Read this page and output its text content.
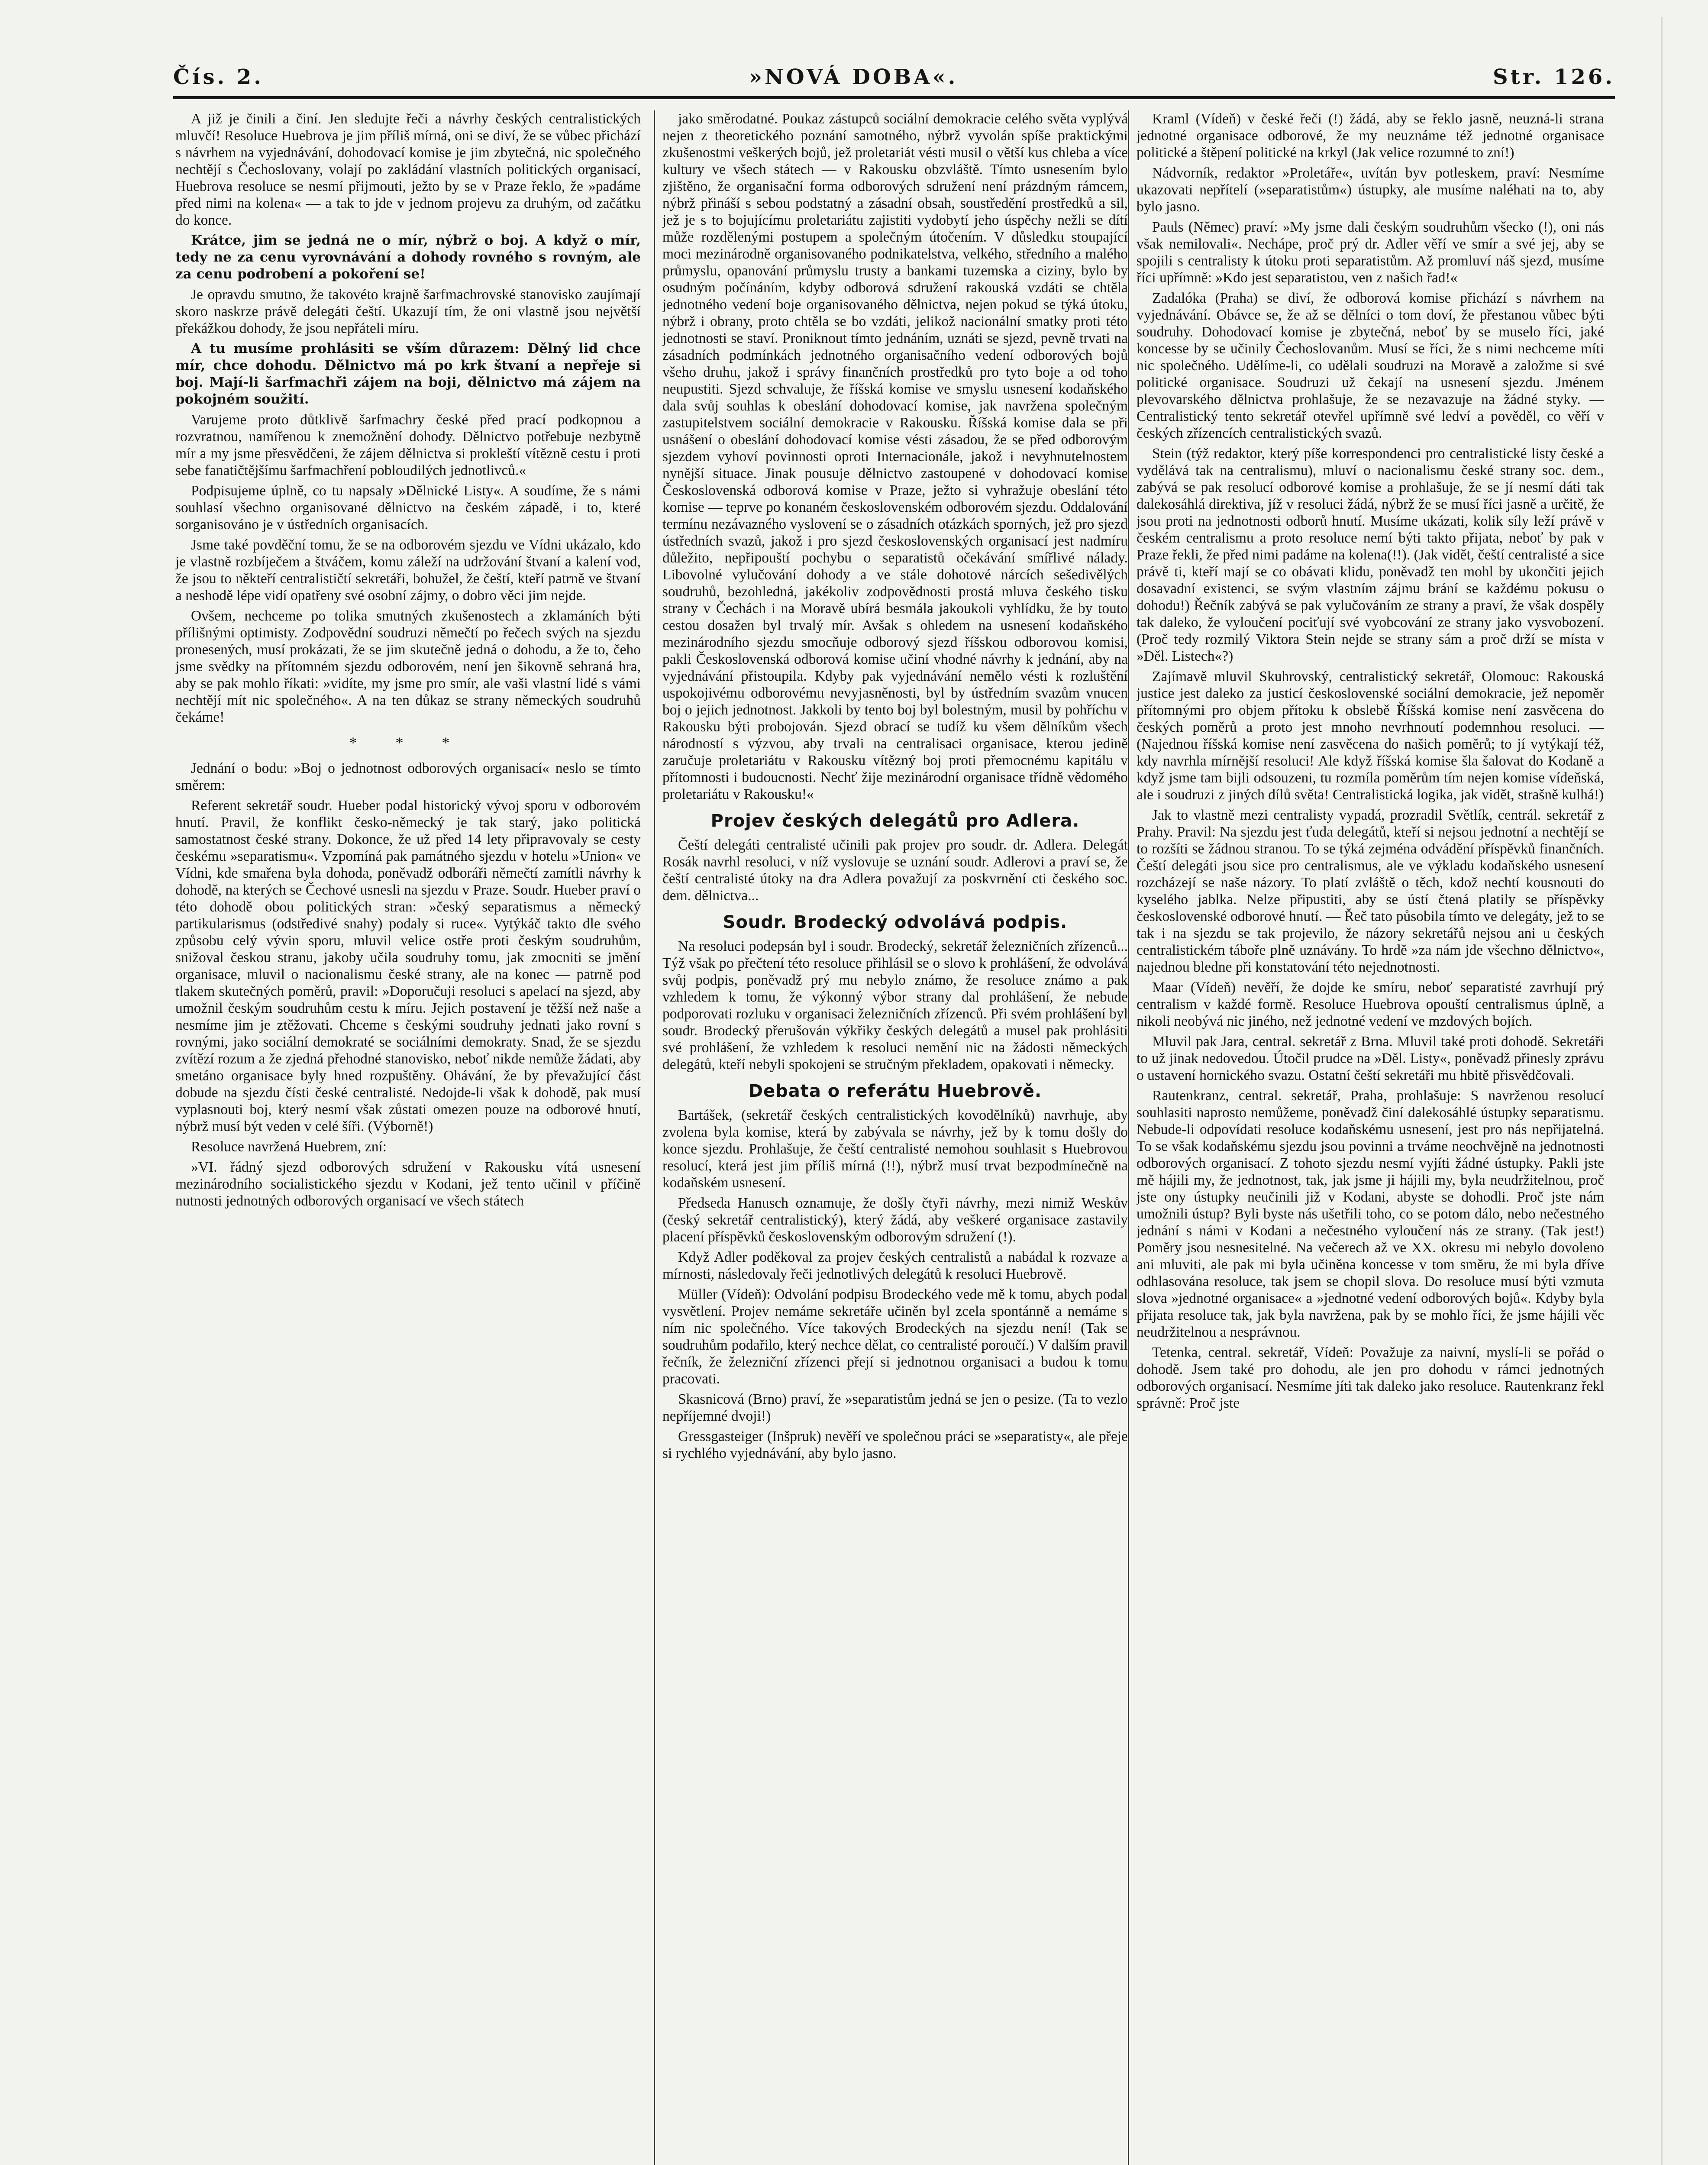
Čís. 2.	»NOVÁ DOBA«.	Str. 126.

A již je činili a činí. Jen sledujte řeči a návrhy českých centralistických mluvčí! Resoluce Huebrova je jim příliš mírná, oni se diví, že se vůbec přichází s návrhem na vyjednávání, dohodovací komise je jim zbytečná, nic společného nechtějí s Čechoslovany, volají po zakládání vlastních politických organisací, Huebrova resoluce se nesmí přijmouti, ježto by se v Praze řeklo, že »padáme před nimi na kolena« — a tak to jde v jednom projevu za druhým, od začátku do konce.

Krátce, jim se jedná ne o mír, nýbrž o boj. A když o mír, tedy ne za cenu vyrovnávání a dohody rovného s rovným, ale za cenu podrobení a pokoření se!

Je opravdu smutno, že takovéto krajně šarfmachrovské stanovisko zaujímají skoro naskrze právě delegáti čeští. Ukazují tím, že oni vlastně jsou největší překážkou dohody, že jsou nepřáteli míru.

A tu musíme prohlásiti se vším důrazem: Dělný lid chce mír, chce dohodu. Dělnictvo má po krk štvaní a nepřeje si boj. Mají-li šarfmachři zájem na boji, dělnictvo má zájem na pokojném soužití.

Varujeme proto důtklivě šarfmachry české před prací podkopnou a rozvratnou, namířenou k znemožnění dohody. Dělnictvo potřebuje nezbytně mír a my jsme přesvědčeni, že zájem dělnictva si prokleští vítězně cestu i proti sebe fanatičtějšímu šarfmachření pobloudilých jednotlivců.«

Podpisujeme úplně, co tu napsaly »Dělnické Listy«. A soudíme, že s námi souhlasí všechno organisované dělnictvo na českém západě, i to, které sorganisováno je v ústředních organisacích.

Jsme také povděční tomu, že se na odborovém sjezdu ve Vídni ukázalo, kdo je vlastně rozbíječem a štváčem, komu záleží na udržování štvaní a kalení vod, že jsou to někteří centralističtí sekretáři, bohužel, že čeští, kteří patrně ve štvaní a neshodě lépe vidí opatřeny své osobní zájmy, o dobro věci jim nejde.

Ovšem, nechceme po tolika smutných zkušenostech a zklamáních býti přílišnými optimisty. Zodpovědní soudruzi němečtí po řečech svých na sjezdu pronesených, musí prokázati, že se jim skutečně jedná o dohodu, a že to, čeho jsme svědky na přítomném sjezdu odborovém, není jen šikovně sehraná hra, aby se pak mohlo říkati: »vidíte, my jsme pro smír, ale vaši vlastní lidé s vámi nechtějí mít nic společného«. A na ten důkaz se strany německých soudruhů čekáme!

* * *

Jednání o bodu: »Boj o jednotnost odborových organisací« neslo se tímto směrem:

Referent sekretář soudr. Hueber podal historický vývoj sporu v odborovém hnutí. Pravil, že konflikt česko-německý je tak starý, jako politická samostatnost české strany. Dokonce, že už před 14 lety připravovaly se cesty českému »separatismu«. Vzpomíná pak památného sjezdu v hotelu »Union« ve Vídni, kde smařena byla dohoda, poněvadž odboráři němečtí zamítli návrhy k dohodě, na kterých se Čechové usnesli na sjezdu v Praze. Soudr. Hueber praví o této dohodě obou politických stran: »český separatismus a německý partikularismus (odstředivé snahy) podaly si ruce«. Vytýkáč takto dle svého způsobu celý vývin sporu, mluvil velice ostře proti českým soudruhům, snižoval českou stranu, jakoby učila soudruhy tomu, jak zmocniti se jmění organisace, mluvil o nacionalismu české strany, ale na konec — patrně pod tlakem skutečných poměrů, pravil: »Doporučuji resoluci s apelací na sjezd, aby umožnil českým soudruhům cestu k míru. Jejich postavení je těžší než naše a nesmíme jim je ztěžovati. Chceme s českými soudruhy jednati jako rovní s rovnými, jako sociální demokraté se sociálními demokraty. Snad, že se sjezdu zvítězí rozum a že zjedná přehodné stanovisko, neboť nikde nemůže žádati, aby smetáno organisace byly hned rozpuštěny. Ohávání, že by převažující část dobude na sjezdu čísti české centralisté. Nedojde-li však k dohodě, pak musí vyplasnouti boj, který nesmí však zůstati omezen pouze na odborové hnutí, nýbrž musí být veden v celé šíři. (Výborně!)

Resoluce navržená Huebrem, zní:

»VI. řádný sjezd odborových sdružení v Rakousku vítá usnesení mezinárodního socialistického sjezdu v Kodani, jež tento učinil v příčině nutnosti jednotných odborových organisací ve všech státech

jako směrodatné. Poukaz zástupců sociální demokracie celého světa vyplývá nejen z theoretického poznání samotného, nýbrž vyvolán spíše praktickými zkušenostmi veškerých bojů, jež proletariát vésti musil o větší kus chleba a více kultury ve všech státech — v Rakousku obzvláště. Tímto usnesením bylo zjištěno, že organisační forma odborových sdružení není prázdným rámcem, nýbrž přináší s sebou podstatný a zásadní obsah, soustředění prostředků a sil, jež je s to bojujícímu proletariátu zajistiti vydobytí jeho úspěchy nežli se dítí může rozdělenými postupem a společným útočením. V důsledku stoupající moci mezinárodně organisovaného podnikatelstva, velkého, středního a malého průmyslu, opanování průmyslu trusty a bankami tuzemska a ciziny, bylo by osudným počínáním, kdyby odborová sdružení rakouská vzdáti se chtěla jednotného vedení boje organisovaného dělnictva, nejen pokud se týká útoku, nýbrž i obrany, proto chtěla se bo vzdáti, jelikož nacionální smatky proti této jednotnosti se staví. Proniknout tímto jednáním, uznáti se sjezd, pevně trvati na zásadních podmínkách jednotného organisačního vedení odborových bojů všeho druhu, jakož i správy finančních prostředků pro tyto boje a od toho neupustiti. Sjezd schvaluje, že říšská komise ve smyslu usnesení kodaňského dala svůj souhlas k obeslání dohodovací komise, jak navržena společným zastupitelstvem sociální demokracie v Rakousku. Říšská komise dala se při usnášení o obeslání dohodovací komise vésti zásadou, že se před odborovým sjezdem vyhoví povinnosti oproti Internacionále, jakož i nevyhnutelnostem nynější situace. Jinak pousuje dělnictvo zastoupené v dohodovací komise Československá odborová komise v Praze, ježto si vyhražuje obeslání této komise — teprve po konaném československém odborovém sjezdu. Oddalování termínu nezávazného vyslovení se o zásadních otázkách sporných, jež pro sjezd ústředních svazů, jakož i pro sjezd československých organisací jest nadmíru důležito, nepřipouští pochybu o separatistů očekávání smířlivé nálady. Libovolné vylučování dohody a ve stále dohotové nárcích sešedivělých soudruhů, bezohledná, jakékoliv zodpovědnosti prostá mluva českého tisku strany v Čechách i na Moravě ubírá besmála jakoukoli vyhlídku, že by touto cestou dosažen byl trvalý mír. Avšak s ohledem na usnesení kodaňského mezinárodního sjezdu smocňuje odborový sjezd říšskou odborovou komisi, pakli Československá odborová komise učiní vhodné návrhy k jednání, aby na vyjednávání přistoupila. Kdyby pak vyjednávání nemělo vésti k rozluštění uspokojivému odborovému nevyjasněnosti, byl by ústředním svazům vnucen boj o jejich jednotnost. Jakkoli by tento boj byl bolestným, musil by pohříchu v Rakousku býti probojován. Sjezd obrací se tudíž ku všem dělníkům všech národností s výzvou, aby trvali na centralisaci organisace, kterou jedině zaručuje proletariátu v Rakousku vítězný boj proti přemocnému kapitálu v přítomnosti i budoucnosti. Nechť žije mezinárodní organisace třídně vědomého proletariátu v Rakousku!«

Projev českých delegátů pro Adlera.

Čeští delegáti centralisté učinili pak projev pro soudr. dr. Adlera. Delegát Rosák navrhl resoluci, v níž vyslovuje se uznání soudr. Adlerovi a praví se, že čeští centralisté útoky na dra Adlera považují za poskvrnění cti českého soc. dem. dělnictva...

Soudr. Brodecký odvolává podpis.

Na resoluci podepsán byl i soudr. Brodecký, sekretář železničních zřízenců... Týž však po přečtení této resoluce přihlásil se o slovo k prohlášení, že odvolává svůj podpis, poněvadž prý mu nebylo známo, že resoluce známo a pak vzhledem k tomu, že výkonný výbor strany dal prohlášení, že nebude podporovati rozluku v organisaci železničních zřízenců. Při svém prohlášení byl soudr. Brodecký přerušován výkřiky českých delegátů a musel pak prohlásiti své prohlášení, že vzhledem k resoluci nemění nic na žádosti německých delegátů, kteří nebyli spokojeni se stručným překladem, opakovati i německy.

Debata o referátu Huebrově.

Bartášek, (sekretář českých centralistických kovodělníků) navrhuje, aby zvolena byla komise, která by zabývala se návrhy, jež by k tomu došly do konce sjezdu. Prohlašuje, že čeští centralisté nemohou souhlasit s Huebrovou resolucí, která jest jim příliš mírná (!!), nýbrž musí trvat bezpodmínečně na kodaňském usnesení.

Předseda Hanusch oznamuje, že došly čtyři návrhy, mezi nimiž Weskův (český sekretář centralistický), který žádá, aby veškeré organisace zastavily placení příspěvků československým odborovým sdružení (!).

Když Adler poděkoval za projev českých centralistů a nabádal k rozvaze a mírnosti, následovaly řeči jednotlivých delegátů k resoluci Huebrově.

Müller (Vídeň): Odvolání podpisu Brodeckého vede mě k tomu, abych podal vysvětlení. Projev nemáme sekretáře učiněn byl zcela spontánně a nemáme s ním nic společného. Více takových Brodeckých na sjezdu není! (Tak se soudruhům podařilo, který nechce dělat, co centralisté poroučí.) V dalším pravil řečník, že železniční zřízenci přejí si jednotnou organisaci a budou k tomu pracovati.

Skasnicová (Brno) praví, že »separatistům jedná se jen o pesize. (Ta to vezlo nepříjemné dvoji!)

Gressgasteiger (Inšpruk) nevěří ve společnou práci se »separatisty«, ale přeje si rychlého vyjednávání, aby bylo jasno.

Kraml (Vídeň) v české řeči (!) žádá, aby se řeklo jasně, neuzná-li strana jednotné organisace odborové, že my neuznáme též jednotné organisace politické a štěpení politické na krkyl (Jak velice rozumné to zní!)

Nádvorník, redaktor »Proletáře«, uvítán byv potleskem, praví: Nesmíme ukazovati nepřítelí (»separatistům«) ústupky, ale musíme naléhati na to, aby bylo jasno.

Pauls (Němec) praví: »My jsme dali českým soudruhům všecko (!), oni nás však nemilovali«. Nechápe, proč prý dr. Adler věří ve smír a své jej, aby se spojili s centralisty k útoku proti separatistům. Až promluví náš sjezd, musíme říci upřímně: »Kdo jest separatistou, ven z našich řad!«

Zadalóka (Praha) se diví, že odborová komise přichází s návrhem na vyjednávání. Obávce se, že až se dělníci o tom doví, že přestanou vůbec býti soudruhy. Dohodovací komise je zbytečná, neboť by se muselo říci, jaké koncesse by se učinily Čechoslovanům. Musí se říci, že s nimi nechceme míti nic společného. Udělíme-li, co udělali soudruzi na Moravě a založme si své politické organisace. Soudruzi už čekají na usnesení sjezdu. Jménem plevovarského dělnictva prohlašuje, že se nezavazuje na žádné styky. — Centralistický tento sekretář otevřel upřímně své ledví a pověděl, co věří v českých zřízencích centralistických svazů.

Stein (týž redaktor, který píše korrespondenci pro centralistické listy české a vydělává tak na centralismu), mluví o nacionalismu české strany soc. dem., zabývá se pak resolucí odborové komise a prohlašuje, že se jí nesmí dáti tak dalekosáhlá direktiva, jíž v resoluci žádá, nýbrž že se musí říci jasně a určitě, že jsou proti na jednotnosti odborů hnutí. Musíme ukázati, kolik síly leží právě v českém centralismu a proto resoluce nemí býti takto přijata, neboť by pak v Praze řekli, že před nimi padáme na kolena(!!). (Jak vidět, čeští centralisté a sice právě ti, kteří mají se co obávati klidu, poněvadž ten mohl by ukončiti jejich dosavadní existenci, se svým vlastním zájmu brání se každému pokusu o dohodu!) Řečník zabývá se pak vylučováním ze strany a praví, že však dospěly tak daleko, že vyloučení pociťují své vyobcování ze strany jako vysvobození. (Proč tedy rozmilý Viktora Stein nejde se strany sám a proč drží se místa v »Děl. Listech«?)

Zajímavě mluvil Skuhrovský, centralistický sekretář, Olomouc: Rakouská justice jest daleko za justicí československé sociální demokracie, jež nepoměr přítomnými pro objem přítoku k obslebě Říšská komise není zasvěcena do českých poměrů a proto jest mnoho nevrhnoutí podemnhou resoluci. — (Najednou říšská komise není zasvěcena do našich poměrů; to jí vytýkají též, kdy navrhla mírnější resoluci! Ale když říšská komise šla šalovat do Kodaně a když jsme tam bijli odsouzeni, tu rozmíla poměrům tím nejen komise vídeňská, ale i soudruzi z jiných dílů světa! Centralistická logika, jak vidět, strašně kulhá!)

Jak to vlastně mezi centralisty vypadá, prozradil Světlík, centrál. sekretář z Prahy. Pravil: Na sjezdu jest ťuda delegátů, kteří si nejsou jednotní a nechtějí se to rozšíti se žádnou stranou. To se týká zejména odvádění příspěvků finančních. Čeští delegáti jsou sice pro centralismus, ale ve výkladu kodaňského usnesení rozcházejí se naše názory. To platí zvláště o těch, kdož nechtí kousnouti do kyselého jablka. Nelze připustiti, aby se ústí čtená platily se příspěvky československé odborové hnutí. — Řeč tato působila tímto ve delegáty, jež to se tak i na sjezdu se tak projevilo, že názory sekretářů nejsou ani u českých centralistickém táboře plně uznávány. To hrdě »za nám jde všechno dělnictvo«, najednou bledne při konstatování této nejednotnosti.

Maar (Vídeň) nevěří, že dojde ke smíru, neboť separatisté zavrhují prý centralism v každé formě. Resoluce Huebrova opouští centralismus úplně, a nikoli neobývá nic jiného, než jednotné vedení ve mzdových bojích.

Mluvil pak Jara, central. sekretář z Brna. Mluvil také proti dohodě. Sekretáři to už jinak nedovedou. Útočil prudce na »Děl. Listy«, poněvadž přinesly zprávu o ustavení hornického svazu. Ostatní čeští sekretáři mu hbitě přisvědčovali.

Rautenkranz, central. sekretář, Praha, prohlašuje: S navrženou resolucí souhlasiti naprosto nemůžeme, poněvadž činí dalekosáhlé ústupky separatismu. Nebude-li odpovídati resoluce kodaňskému usnesení, jest pro nás nepřijatelná. To se však kodaňskému sjezdu jsou povinni a trváme neochvějně na jednotnosti odborových organisací. Z tohoto sjezdu nesmí vyjíti žádné ústupky. Pakli jste mě hájili my, že jednotnost, tak, jak jsme ji hájili my, byla neudržitelnou, proč jste ony ústupky neučinili již v Kodani, abyste se dohodli. Proč jste nám umožnili ústup? Byli byste nás ušetřili toho, co se potom dálo, nebo nečestného jednání s námi v Kodani a nečestného vyloučení nás ze strany. (Tak jest!) Poměry jsou nesnesitelné. Na večerech až ve XX. okresu mi nebylo dovoleno ani mluviti, ale pak mi byla učiněna koncesse v tom směru, že mi byla dříve odhlasována resoluce, tak jsem se chopil slova. Do resoluce musí býti vzmuta slova »jednotné organisace« a »jednotné vedení odborových bojů«. Kdyby byla přijata resoluce tak, jak byla navržena, pak by se mohlo říci, že jsme hájili věc neudržitelnou a nesprávnou.

Tetenka, central. sekretář, Vídeň: Považuje za naivní, myslí-li se pořád o dohodě. Jsem také pro dohodu, ale jen pro dohodu v rámci jednotných odborových organisací. Nesmíme jíti tak daleko jako resoluce. Rautenkranz řekl správně: Proč jste
